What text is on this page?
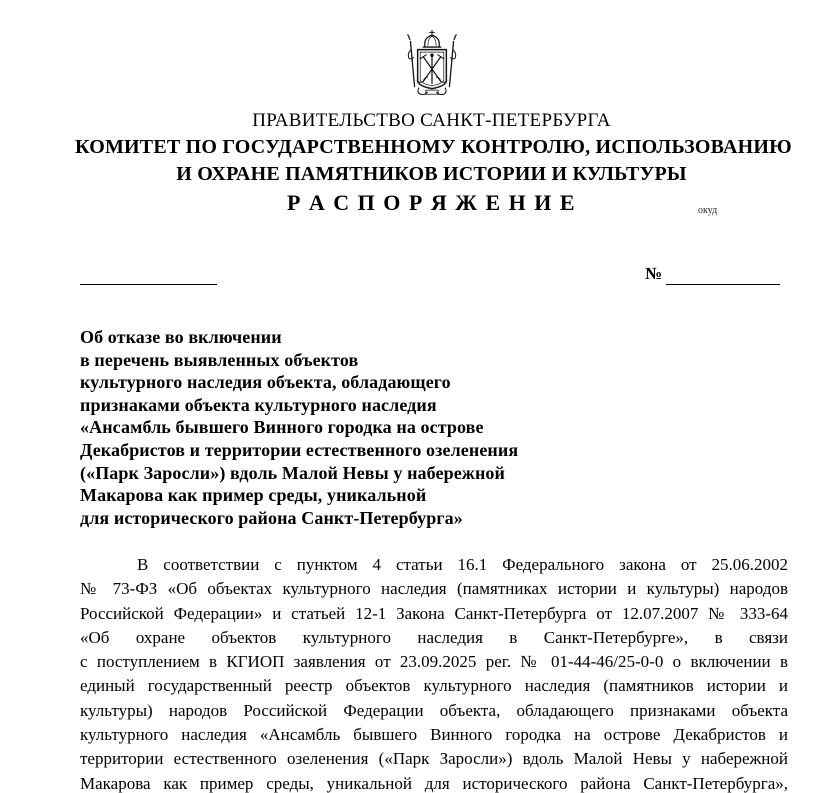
ПРАВИТЕЛЬСТВО САНКТ-ПЕТЕРБУРГА
КОМИТЕТ ПО ГОСУДАРСТВЕННОМУ КОНТРОЛЮ, ИСПОЛЬЗОВАНИЮ
И ОХРАНЕ ПАМЯТНИКОВ ИСТОРИИ И КУЛЬТУРЫ
Р А С П О Р Я Ж Е Н И Е	окуд
№
Об отказе во включении
в перечень выявленных объектов
культурного наследия объекта, обладающего
признаками объекта культурного наследия
«Ансамбль бывшего Винного городка на острове
Декабристов и территории естественного озеленения
(«Парк Заросли») вдоль Малой Невы у набережной
Макарова как пример среды, уникальной
для исторического района Санкт-Петербурга»
В соответствии с пунктом 4 статьи 16.1 Федерального закона от 25.06.2002
№ 73-ФЗ «Об объектах культурного наследия (памятниках истории и культуры) народов
Российской Федерации» и статьей 12-1 Закона Санкт-Петербурга от 12.07.2007 № 333-64
«Об охране объектов культурного наследия в Санкт-Петербурге», в связи
с поступлением в КГИОП заявления от 23.09.2025 рег. № 01-44-46/25-0-0 о включении в
единый государственный реестр объектов культурного наследия (памятников истории и
культуры) народов Российской Федерации объекта, обладающего признаками объекта
культурного наследия «Ансамбль бывшего Винного городка на острове Декабристов и
территории естественного озеленения («Парк Заросли») вдоль Малой Невы у набережной
Макарова как пример среды, уникальной для исторического района Санкт-Петербурга»,
